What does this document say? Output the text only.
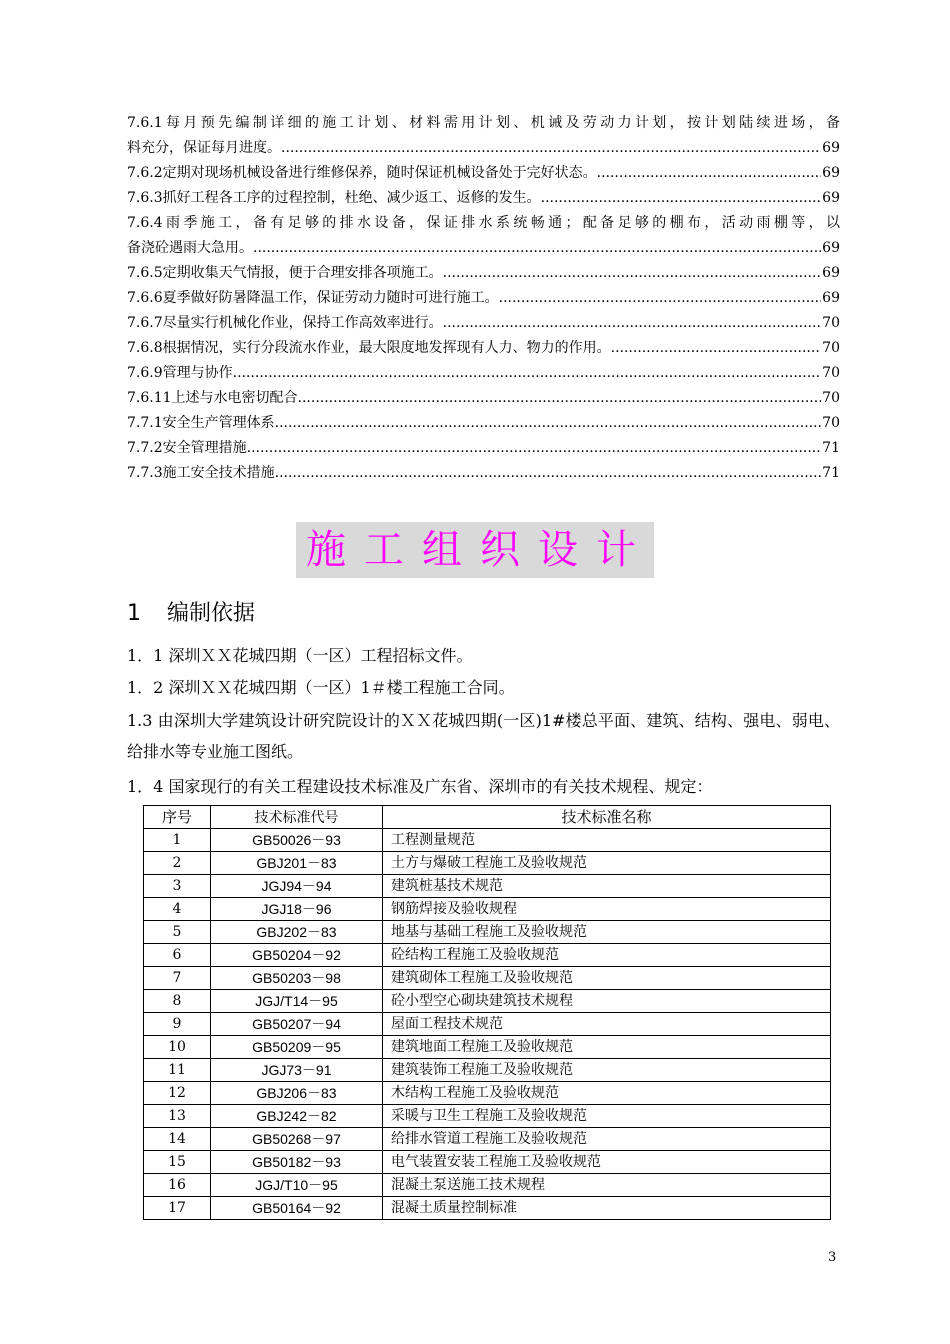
7.6.1每月预先编制详细的施工计划、材料需用计划、机诫及劳动力计划，按计划陆续进场，备
料充分，保证每月进度。 .....	69
7.6.2定期对现场机械设备进行维修保养，随时保证机械设备处于完好状态。 .....	69
7.6.3抓好工程各工序的过程控制，杜绝、减少返工、返修的发生。 .....	69
7.6.4雨季施工，备有足够的排水设备，保证排水系统畅通；配备足够的棚布，活动雨棚等，以
备浇砼遇雨大急用。 .....	69
7.6.5定期收集天气情报，便于合理安排各项施工。 .....	69
7.6.6夏季做好防暑降温工作，保证劳动力随时可进行施工。 .....	69
7.6.7尽量实行机械化作业，保持工作高效率进行。 .....	70
7.6.8根据情况，实行分段流水作业，最大限度地发挥现有人力、物力的作用。 .....	70
7.6.9管理与协作 .....	70
7.6.11上述与水电密切配合 .....	70
7.7.1安全生产管理体系 .....	70
7.7.2安全管理措施 .....	71
7.7.3施工安全技术措施 .....	71
施工组织设计
1 编制依据
1．1 深圳ＸＸ花城四期（一区）工程招标文件。
1．2 深圳ＸＸ花城四期（一区）1＃楼工程施工合同。
1.3 由深圳大学建筑设计研究院设计的ＸＸ花城四期(一区)1#楼总平面、建筑、结构、强电、弱电、给排水等专业施工图纸。
1．4 国家现行的有关工程建设技术标准及广东省、深圳市的有关技术规程、规定：
序号	技术标准代号	技术标准名称
1	GB50026－93	工程测量规范
2	GBJ201－83	土方与爆破工程施工及验收规范
3	JGJ94－94	建筑桩基技术规范
4	JGJ18－96	钢筋焊接及验收规程
5	GBJ202－83	地基与基础工程施工及验收规范
6	GB50204－92	砼结构工程施工及验收规范
7	GB50203－98	建筑砌体工程施工及验收规范
8	JGJ/T14－95	砼小型空心砌块建筑技术规程
9	GB50207－94	屋面工程技术规范
10	GB50209－95	建筑地面工程施工及验收规范
11	JGJ73－91	建筑装饰工程施工及验收规范
12	GBJ206－83	木结构工程施工及验收规范
13	GBJ242－82	采暖与卫生工程施工及验收规范
14	GB50268－97	给排水管道工程施工及验收规范
15	GB50182－93	电气装置安装工程施工及验收规范
16	JGJ/T10－95	混凝土泵送施工技术规程
17	GB50164－92	混凝土质量控制标准
3
